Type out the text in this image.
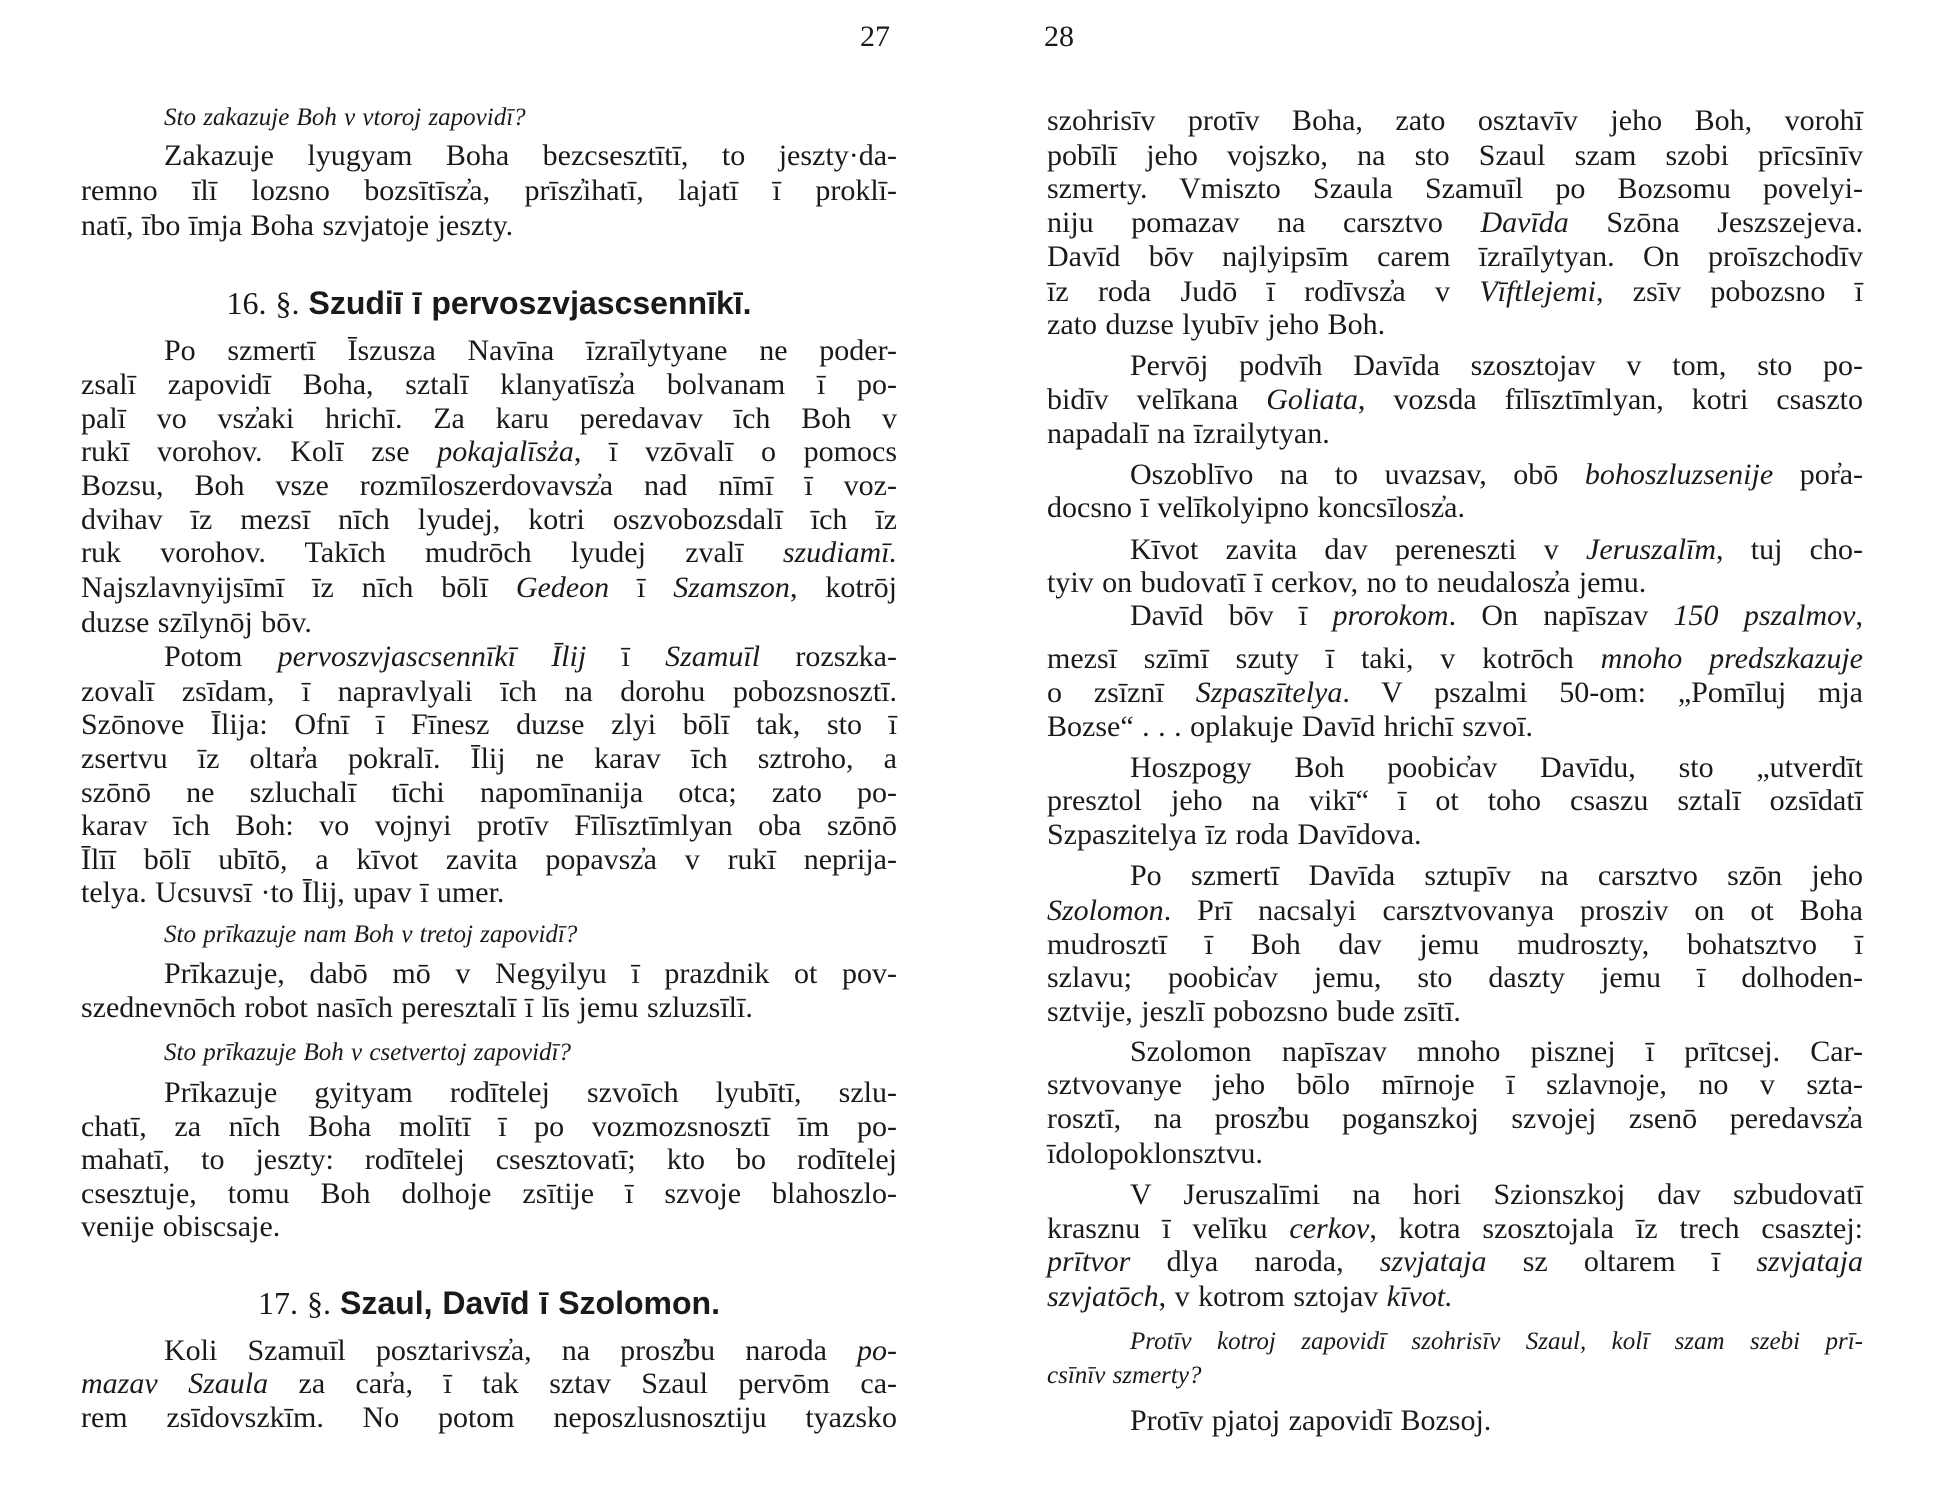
27
Sto zakazuje Boh v vtoroj zapovidī?
Zakazuje lyugyam Boha bezcsesztītī, to jeszty·da-
remno īlī lozsno bozsītīsz̓a, prīsz̓ihatī, lajatī ī proklī-
natī, ībo īmja Boha szvjatoje jeszty.
16. §. Szudiī ī pervoszvjascsennīkī.
Po szmertī Īszusza Navīna īzraīlytyane ne poder-
zsalī zapovidī Boha, sztalī klanyatīsz̓a bolvanam ī po-
palī vo vsz̓aki hrichī. Za karu peredavav īch Boh v
rukī vorohov. Kolī zse pokajalīsz̓a, ī vzōvalī o pomocs
Bozsu, Boh vsze rozmīloszerdovavsz̓a nad nīmī ī voz-
dvihav īz mezsī nīch lyudej, kotri oszvobozsdalī īch īz
ruk vorohov. Takīch mudrōch lyudej zvalī szudiamī.
Najszlavnyijsīmī īz nīch bōlī Gedeon ī Szamszon, kotrōj
duzse szīlynōj bōv.
Potom pervoszvjascsennīkī Īlij ī Szamuīl rozszka-
zovalī zsīdam, ī napravlyali īch na dorohu pobozsnosztī.
Szōnove Īlija: Ofnī ī Fīnesz duzse zlyi bōlī tak, sto ī
zsertvu īz oltar̓a pokralī. Īlij ne karav īch sztroho, a
szōnō ne szluchalī tīchi napomīnanija otca; zato po-
karav īch Boh: vo vojnyi protīv Fīlīsztīmlyan oba szōnō
Īlīī bōlī ubītō, a kīvot zavita popavsz̓a v rukī neprija-
telya. Ucsuvsī ·to Īlij, upav ī umer.
Sto prīkazuje nam Boh v tretoj zapovidī?
Prīkazuje, dabō mō v Negyilyu ī prazdnik ot pov-
szednevnōch robot nasīch peresztalī ī līs jemu szluzsīlī.
Sto prīkazuje Boh v csetvertoj zapovidī?
Prīkazuje gyityam rodītelej szvoīch lyubītī, szlu-
chatī, za nīch Boha molītī ī po vozmozsnosztī īm po-
mahatī, to jeszty: rodītelej csesztovatī; kto bo rodītelej
csesztuje, tomu Boh dolhoje zsītije ī szvoje blahoszlo-
venije obiscsaje.
17. §. Szaul, Davīd ī Szolomon.
Koli Szamuīl posztarivsz̓a, na prosz̓bu naroda po-
mazav Szaula za car̓a, ī tak sztav Szaul pervōm ca-
rem zsīdovszkīm. No potom neposzlusnosztiju tyazsko
28
szohrisīv protīv Boha, zato osztavīv jeho Boh, vorohī
pobīlī jeho vojszko, na sto Szaul szam szobi prīcsīnīv
szmerty. Vmiszto Szaula Szamuīl po Bozsomu povelyi-
niju pomazav na carsztvo Davīda Szōna Jeszszejeva.
Davīd bōv najlyipsīm carem īzraīlytyan. On proīszchodīv
īz roda Judō ī rodīvsz̓a v Vīftlejemi, zsīv pobozsno ī
zato duzse lyubīv jeho Boh.
Pervōj podvīh Davīda szosztojav v tom, sto po-
bidīv velīkana Goliata, vozsda fīlīsztīmlyan, kotri csaszto
napadalī na īzrailytyan.
Oszoblīvo na to uvazsav, obō bohoszluzsenije por̓a-
docsno ī velīkolyipno koncsīlosz̓a.
Kīvot zavita dav pereneszti v Jeruszalīm, tuj cho-
tyiv on budovatī ī cerkov, no to neudalosz̓a jemu.
Davīd bōv ī prorokom. On napīszav 150 pszalmov,
mezsī szīmī szuty ī taki, v kotrōch mnoho predszkazuje
o zsīznī Szpaszītelya. V pszalmi 50-om: „Pomīluj mja
Bozse“ . . . oplakuje Davīd hrichī szvoī.
Hoszpogy Boh poobic̓av Davīdu, sto „utverdīt
presztol jeho na vikī“ ī ot toho csaszu sztalī ozsīdatī
Szpaszitelya īz roda Davīdova.
Po szmertī Davīda sztupīv na carsztvo szōn jeho
Szolomon. Prī nacsalyi carsztvovanya prosziv on ot Boha
mudrosztī ī Boh dav jemu mudroszty, bohatsztvo ī
szlavu; poobic̓av jemu, sto daszty jemu ī dolhoden-
sztvije, jeszlī pobozsno bude zsītī.
Szolomon napīszav mnoho pisznej ī prītcsej. Car-
sztvovanye jeho bōlo mīrnoje ī szlavnoje, no v szta-
rosztī, na prosz̓bu poganszkoj szvojej zsenō peredavsz̓a
īdolopoklonsztvu.
V Jeruszalīmi na hori Szionszkoj dav szbudovatī
krasznu ī velīku cerkov, kotra szosztojala īz trech csasztej:
prītvor dlya naroda, szvjataja sz oltarem ī szvjataja
szvjatōch, v kotrom sztojav kīvot.
Protīv kotroj zapovidī szohrisīv Szaul, kolī szam szebi prī-
csīnīv szmerty?
Protīv pjatoj zapovidī Bozsoj.
